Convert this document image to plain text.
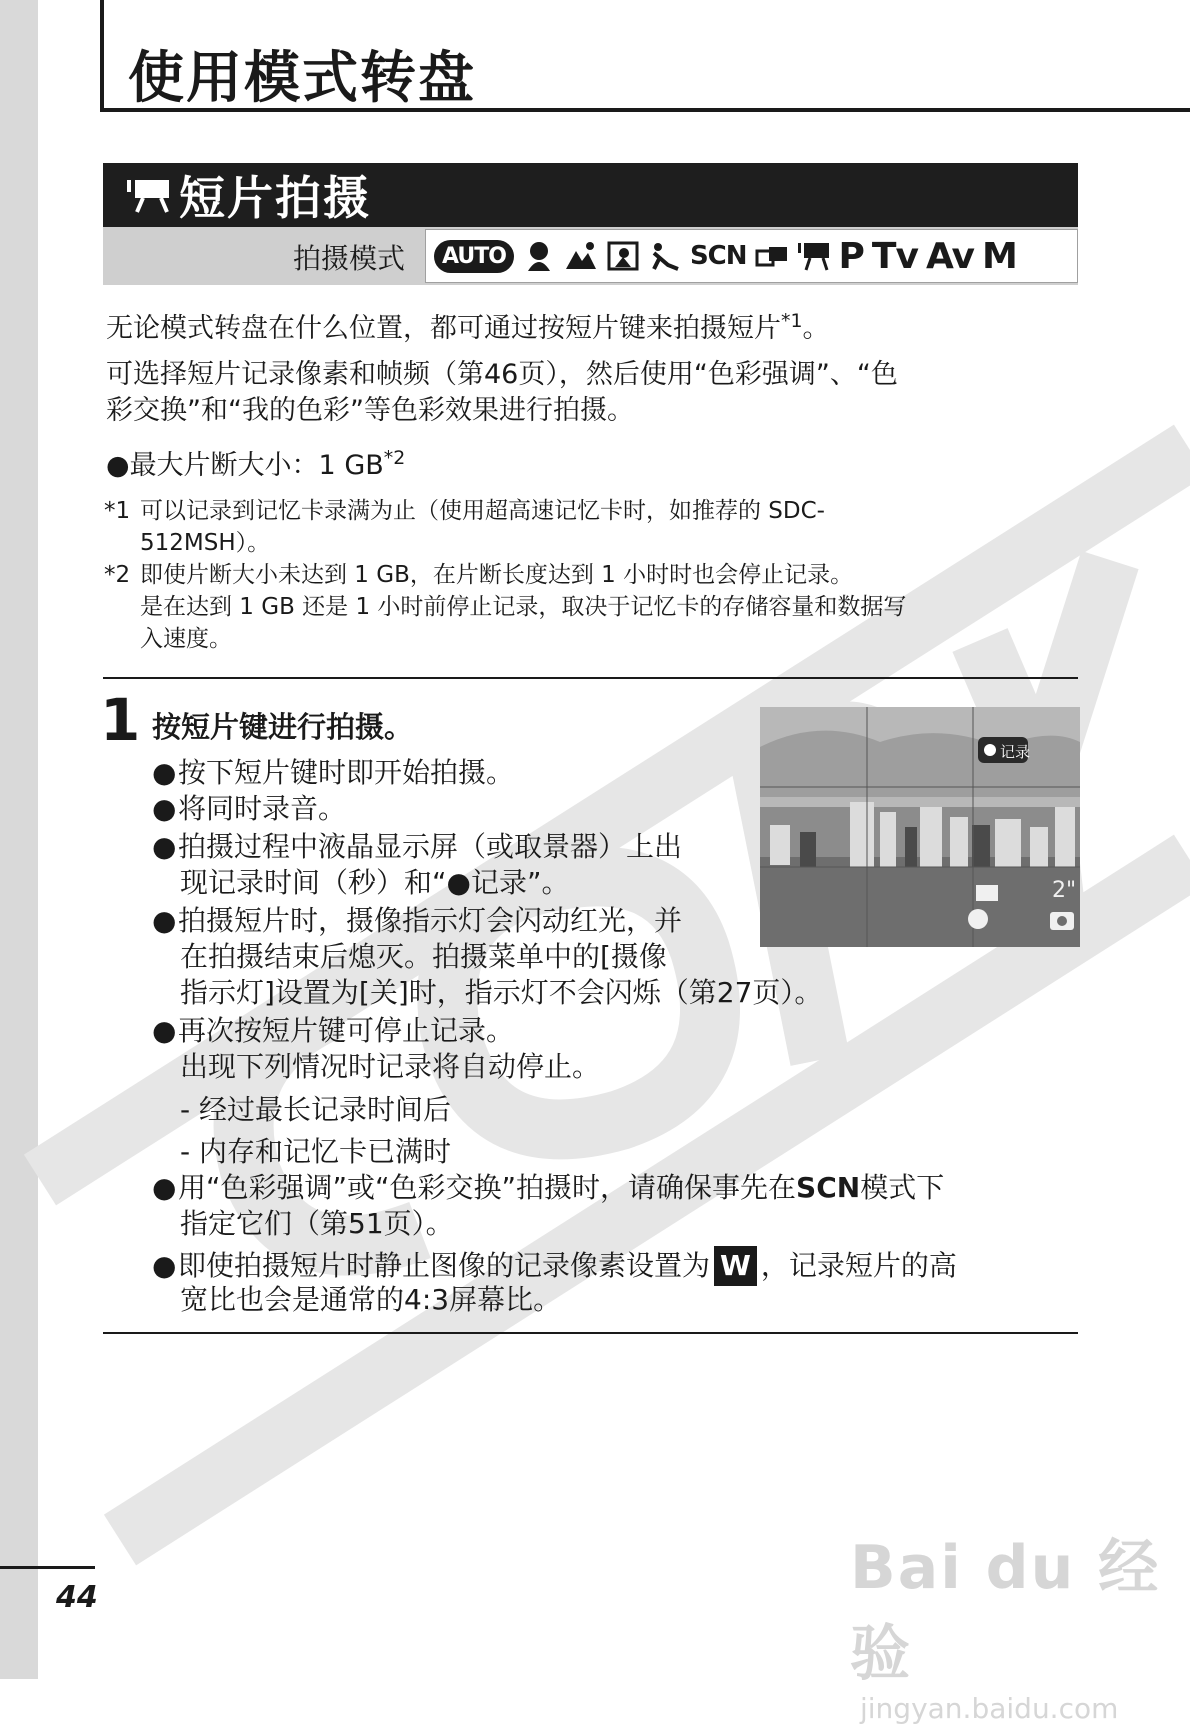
使用模式转盘
短片拍摄
拍摄模式	AUTO	SCN	P Tv Av M
无论模式转盘在什么位置，都可通过按短片键来拍摄短片$^{*1}$。
可选择短片记录像素和帧频（第46页），然后使用“色彩强调”、“色
彩交换”和“我的色彩”等色彩效果进行拍摄。
●最大片断大小：1 GB$^{*2}$
*1 可以记录到记忆卡录满为止（使用超高速记忆卡时，如推荐的 SDC-
512MSH）。
*2 即使片断大小未达到 1 GB，在片断长度达到 1 小时时也会停止记录。
是在达到 1 GB 还是 1 小时前停止记录，取决于记忆卡的存储容量和数据写
入速度。
1 按短片键进行拍摄。
●按下短片键时即开始拍摄。
●将同时录音。
●拍摄过程中液晶显示屏（或取景器）上出
现记录时间（秒）和“●记录”。
●拍摄短片时，摄像指示灯会闪动红光，并
在拍摄结束后熄灭。拍摄菜单中的[摄像
指示灯]设置为[关]时，指示灯不会闪烁（第27页）。
●再次按短片键可停止记录。
出现下列情况时记录将自动停止。
- 经过最长记录时间后
- 内存和记忆卡已满时
●用“色彩强调”或“色彩交换”拍摄时，请确保事先在SCN模式下
指定它们（第51页）。
●即使拍摄短片时静止图像的记录像素设置为 W ，记录短片的高
宽比也会是通常的4:3屏幕比。
记录
2"
44	Bai du 经验
jingyan.baidu.com
